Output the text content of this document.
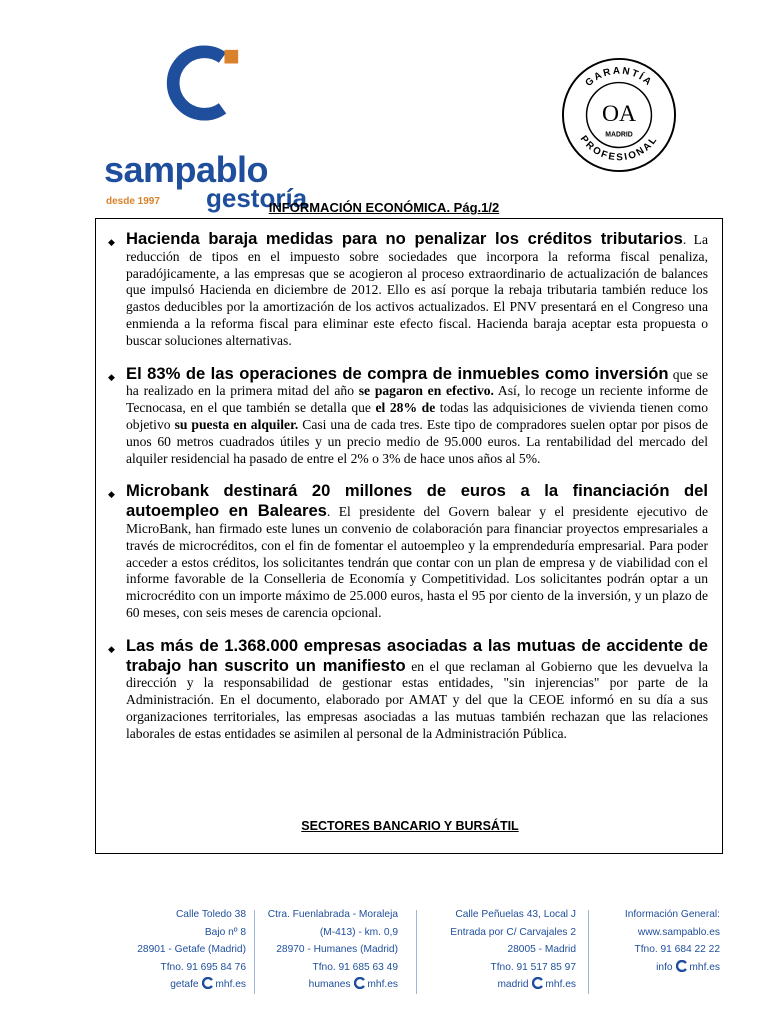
sampablo
desde 1997 gestoría
GARANTÍA
PROFESIONAL
OA
MADRID
INFORMACIÓN ECONÓMICA. Pág.1/2
◆ Hacienda baraja medidas para no penalizar los créditos tributarios. La reducción de tipos en el impuesto sobre sociedades que incorpora la reforma fiscal penaliza, paradójicamente, a las empresas que se acogieron al proceso extraordinario de actualización de balances que impulsó Hacienda en diciembre de 2012. Ello es así porque la rebaja tributaria también reduce los gastos deducibles por la amortización de los activos actualizados. El PNV presentará en el Congreso una enmienda a la reforma fiscal para eliminar este efecto fiscal. Hacienda baraja aceptar esta propuesta o buscar soluciones alternativas.
◆ El 83% de las operaciones de compra de inmuebles como inversión que se ha realizado en la primera mitad del año se pagaron en efectivo. Así, lo recoge un reciente informe de Tecnocasa, en el que también se detalla que el 28% de todas las adquisiciones de vivienda tienen como objetivo su puesta en alquiler. Casi una de cada tres. Este tipo de compradores suelen optar por pisos de unos 60 metros cuadrados útiles y un precio medio de 95.000 euros. La rentabilidad del mercado del alquiler residencial ha pasado de entre el 2% o 3% de hace unos años al 5%.
◆ Microbank destinará 20 millones de euros a la financiación del autoempleo en Baleares. El presidente del Govern balear y el presidente ejecutivo de MicroBank, han firmado este lunes un convenio de colaboración para financiar proyectos empresariales a través de microcréditos, con el fin de fomentar el autoempleo y la emprendeduría empresarial. Para poder acceder a estos créditos, los solicitantes tendrán que contar con un plan de empresa y de viabilidad con el informe favorable de la Conselleria de Economía y Competitividad. Los solicitantes podrán optar a un microcrédito con un importe máximo de 25.000 euros, hasta el 95 por ciento de la inversión, y un plazo de 60 meses, con seis meses de carencia opcional.
◆ Las más de 1.368.000 empresas asociadas a las mutuas de accidente de trabajo han suscrito un manifiesto en el que reclaman al Gobierno que les devuelva la dirección y la responsabilidad de gestionar estas entidades, "sin injerencias" por parte de la Administración. En el documento, elaborado por AMAT y del que la CEOE informó en su día a sus organizaciones territoriales, las empresas asociadas a las mutuas también rechazan que las relaciones laborales de estas entidades se asimilen al personal de la Administración Pública.
SECTORES BANCARIO Y BURSÁTIL
Calle Toledo 38
Bajo nº 8
28901 - Getafe (Madrid)
Tfno. 91 695 84 76
getafe mhf.es
Ctra. Fuenlabrada - Moraleja
(M-413) - km. 0,9
28970 - Humanes (Madrid)
Tfno. 91 685 63 49
humanes mhf.es
Calle Peñuelas 43, Local J
Entrada por C/ Carvajales 2
28005 - Madrid
Tfno. 91 517 85 97
madrid mhf.es
Información General:
www.sampablo.es
Tfno. 91 684 22 22
info mhf.es
